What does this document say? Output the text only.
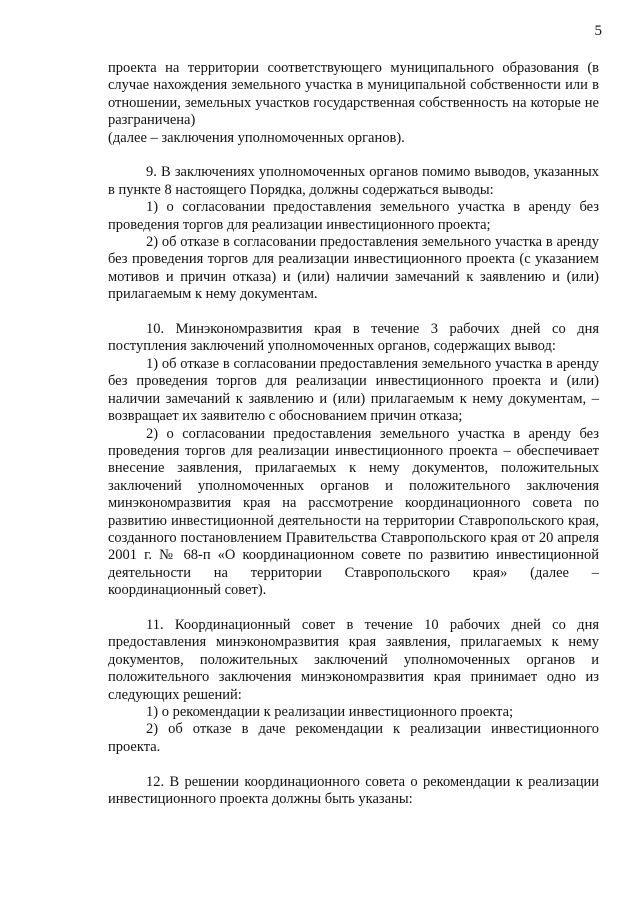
5

проекта на территории соответствующего муниципального образования (в случае нахождения земельного участка в муниципальной собственности или в отношении, земельных участков государственная собственность на которые не разграничена)

(далее – заключения уполномоченных органов).

9. В заключениях уполномоченных органов помимо выводов, указанных в пункте 8 настоящего Порядка, должны содержаться выводы:

1) о согласовании предоставления земельного участка в аренду без проведения торгов для реализации инвестиционного проекта;

2) об отказе в согласовании предоставления земельного участка в аренду без проведения торгов для реализации инвестиционного проекта (с указанием мотивов и причин отказа) и (или) наличии замечаний к заявлению и (или) прилагаемым к нему документам.

10. Минэкономразвития края в течение 3 рабочих дней со дня поступления заключений уполномоченных органов, содержащих вывод:

1) об отказе в согласовании предоставления земельного участка в аренду без проведения торгов для реализации инвестиционного проекта и (или) наличии замечаний к заявлению и (или) прилагаемым к нему документам, – возвращает их заявителю с обоснованием причин отказа;

2) о согласовании предоставления земельного участка в аренду без проведения торгов для реализации инвестиционного проекта – обеспечивает внесение заявления, прилагаемых к нему документов, положительных заключений уполномоченных органов и положительного заключения минэкономразвития края на рассмотрение координационного совета по развитию инвестиционной деятельности на территории Ставропольского края, созданного постановлением Правительства Ставропольского края от 20 апреля 2001 г. № 68-п «О координационном совете по развитию инвестиционной деятельности на территории Ставропольского края» (далее – координационный совет).

11. Координационный совет в течение 10 рабочих дней со дня предоставления минэкономразвития края заявления, прилагаемых к нему документов, положительных заключений уполномоченных органов и положительного заключения минэкономразвития края принимает одно из следующих решений:

1) о рекомендации к реализации инвестиционного проекта;

2) об отказе в даче рекомендации к реализации инвестиционного проекта.

12. В решении координационного совета о рекомендации к реализации инвестиционного проекта должны быть указаны:
